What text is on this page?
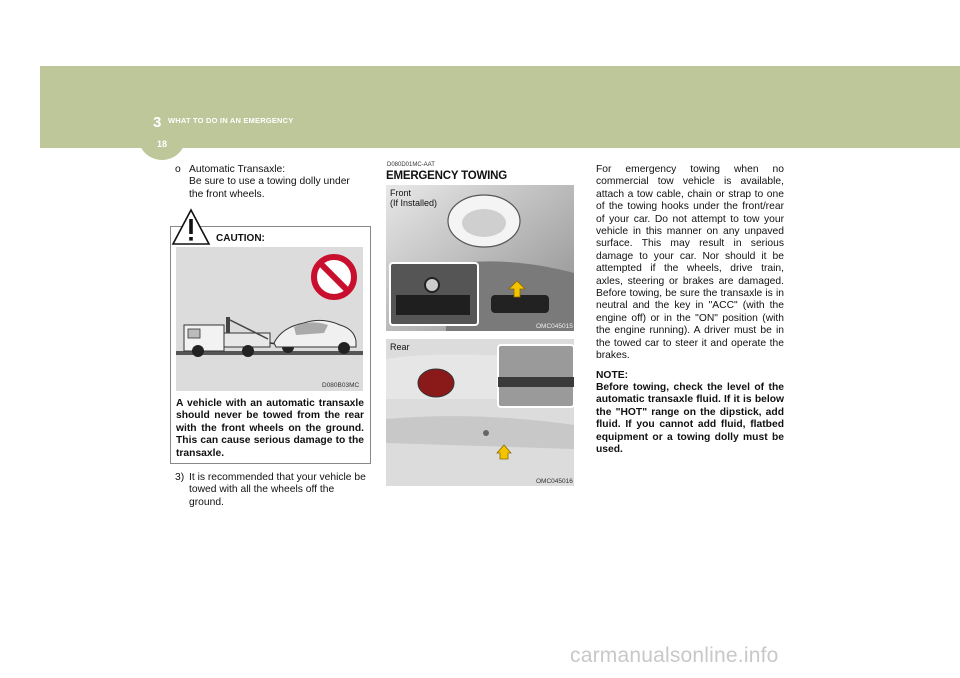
3 WHAT TO DO IN AN EMERGENCY
18
o Automatic Transaxle:
Be sure to use a towing dolly under the front wheels.
CAUTION:
D080B03MC
A vehicle with an automatic transaxle should never be towed from the rear with the front wheels on the ground. This can cause serious damage to the transaxle.
3) It is recommended that your vehicle be towed with all the wheels off the ground.
D080D01MC-AAT
EMERGENCY TOWING
Front
(If Installed)
OMC045015
Rear
OMC045016
For emergency towing when no commercial tow vehicle is available, attach a tow cable, chain or strap to one of the towing hooks under the front/rear of your car. Do not attempt to tow your vehicle in this manner on any unpaved surface. This may result in serious damage to your car. Nor should it be attempted if the wheels, drive train, axles, steering or brakes are damaged. Before towing, be sure the transaxle is in neutral and the key in "ACC" (with the engine off) or in the "ON" position (with the engine running). A driver must be in the towed car to steer it and operate the brakes.
NOTE:
Before towing, check the level of the automatic transaxle fluid. If it is below the "HOT" range on the dipstick, add fluid. If you cannot add fluid, flatbed equipment or a towing dolly must be used.
carmanualsonline.info
